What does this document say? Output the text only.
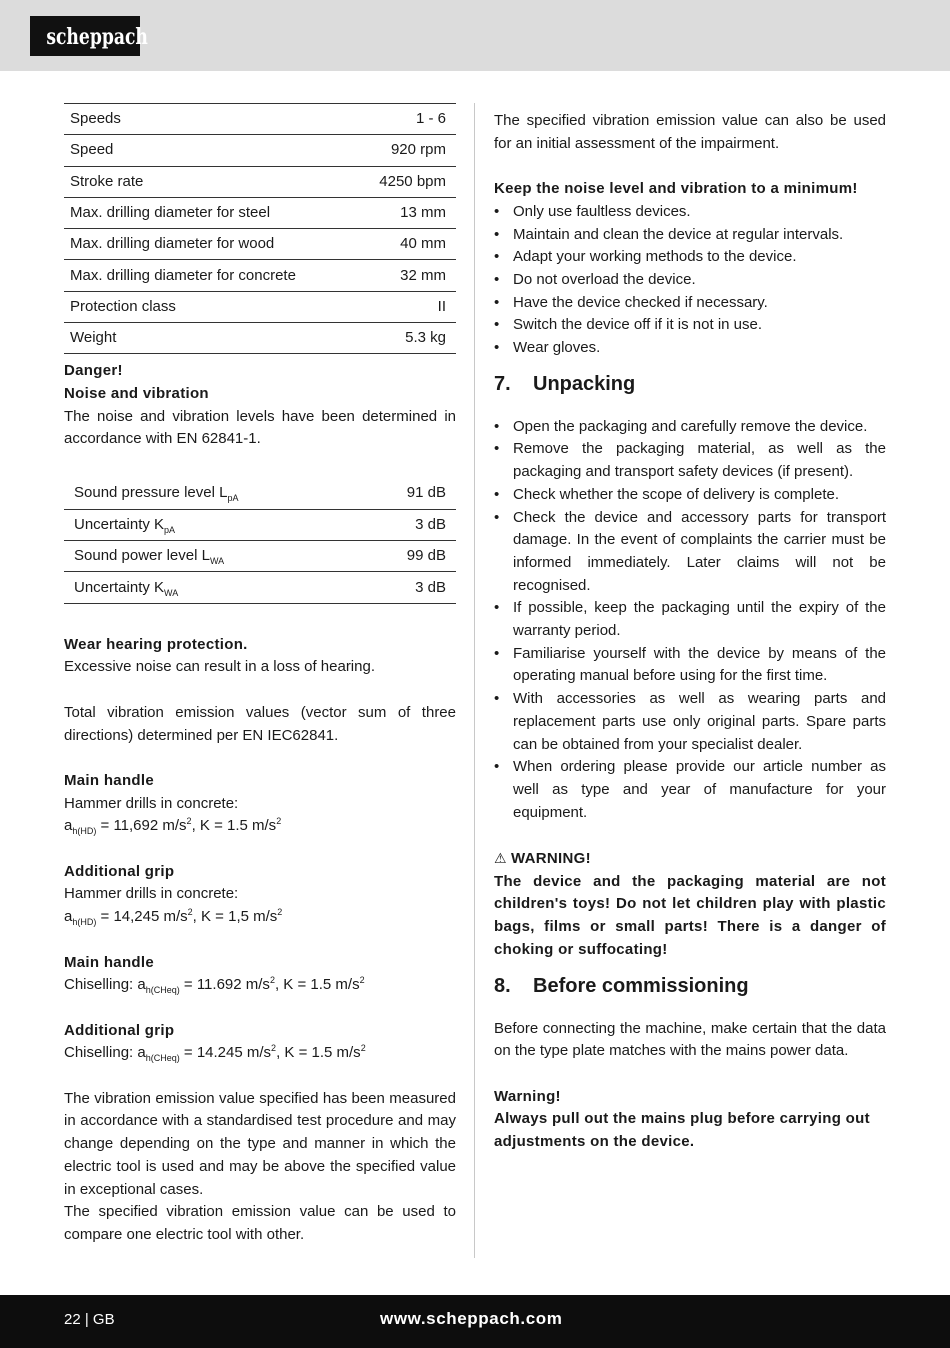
scheppach
Speeds	1 - 6
Speed	920 rpm
Stroke rate	4250 bpm
Max. drilling diameter for steel	13 mm
Max. drilling diameter for wood	40 mm
Max. drilling diameter for concrete	32 mm
Protection class	II
Weight	5.3 kg

Danger!

Noise and vibration

The noise and vibration levels have been determined in accordance with EN 62841-1.

Sound pressure level $L_{pA}$	91 dB
Uncertainty $K_{pA}$	3 dB
Sound power level $L_{WA}$	99 dB
Uncertainty $K_{WA}$	3 dB

Wear hearing protection.

Excessive noise can result in a loss of hearing.

Total vibration emission values (vector sum of three directions) determined per EN IEC62841.

Main handle

Hammer drills in concrete:

$a_{h(HD)} = 11,692$ $m/s^2$, K = 1.5 $m/s^2$

Additional grip

Hammer drills in concrete:

$a_{h(HD)} = 14,245$ $m/s^2$, K = 1,5 $m/s^2$

Main handle

Chiselling: $a_{h(CHeq)} = 11.692$ $m/s^2$, K = 1.5 $m/s^2$

Additional grip

Chiselling: $a_{h(CHeq)} = 14.245$ $m/s^2$, K = 1.5 $m/s^2$

The vibration emission value specified has been measured in accordance with a standardised test procedure and may change depending on the type and manner in which the electric tool is used and may be above the specified value in exceptional cases.

The specified vibration emission value can be used to compare one electric tool with other.

The specified vibration emission value can also be used for an initial assessment of the impairment.

Keep the noise level and vibration to a minimum!

• Only use faultless devices.
• Maintain and clean the device at regular intervals.
• Adapt your working methods to the device.
• Do not overload the device.
• Have the device checked if necessary.
• Switch the device off if it is not in use.
• Wear gloves.
7.	Unpacking
• Open the packaging and carefully remove the device.
• Remove the packaging material, as well as the packaging and transport safety devices (if present).
• Check whether the scope of delivery is complete.
• Check the device and accessory parts for transport damage. In the event of complaints the carrier must be informed immediately. Later claims will not be recognised.
• If possible, keep the packaging until the expiry of the warranty period.
• Familiarise yourself with the device by means of the operating manual before using for the first time.
• With accessories as well as wearing parts and replacement parts use only original parts. Spare parts can be obtained from your specialist dealer.
• When ordering please provide our article number as well as type and year of manufacture for your equipment.

⚠ WARNING!

The device and the packaging material are not children's toys! Do not let children play with plastic bags, films or small parts! There is a danger of choking or suffocating!

8.	Before commissioning

Before connecting the machine, make certain that the data on the type plate matches with the mains power data.

Warning!

Always pull out the mains plug before carrying out adjustments on the device.

22 | GB	www.scheppach.com
